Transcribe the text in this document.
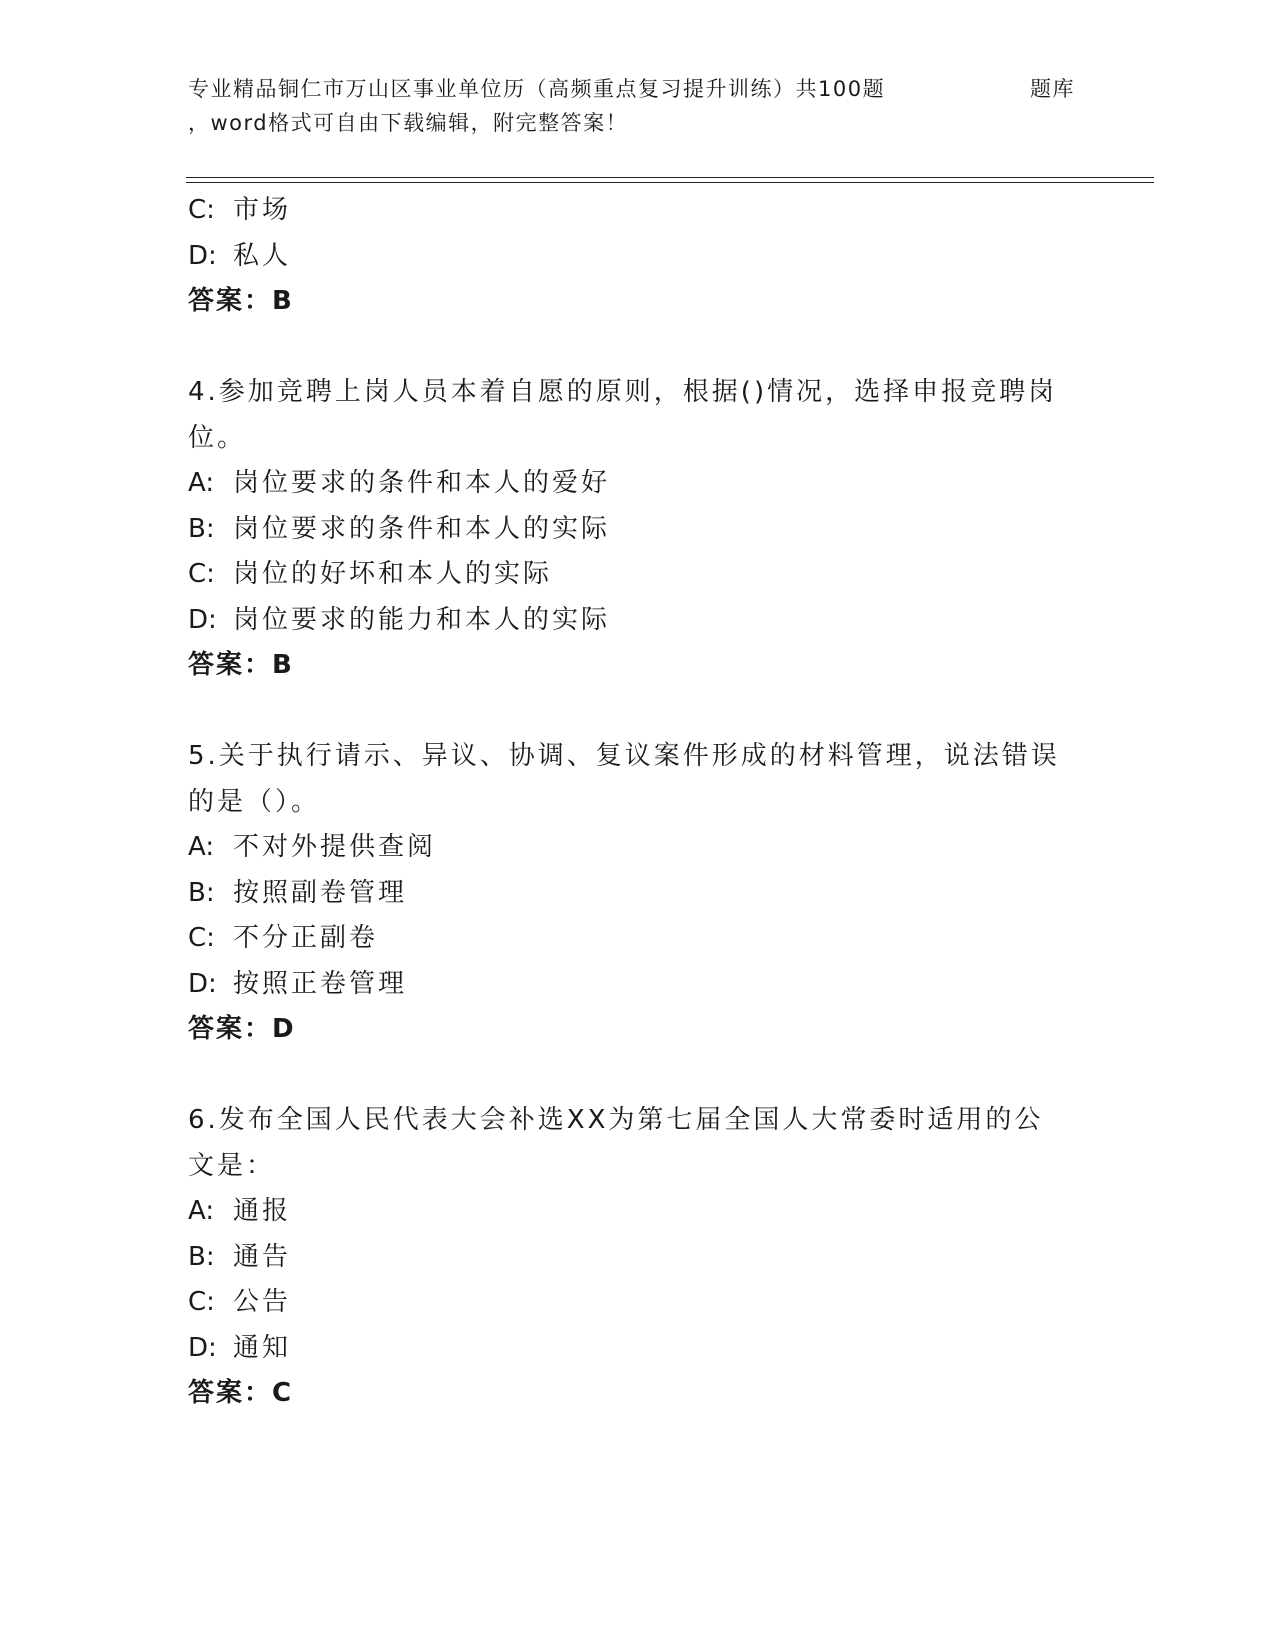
专业精品铜仁市万山区事业单位历（高频重点复习提升训练）共100题	题库
，word格式可自由下载编辑，附完整答案！
C: 市场
D: 私人
答案：B
4.参加竞聘上岗人员本着自愿的原则，根据()情况，选择申报竞聘岗位。
A: 岗位要求的条件和本人的爱好
B: 岗位要求的条件和本人的实际
C: 岗位的好坏和本人的实际
D: 岗位要求的能力和本人的实际
答案：B
5.关于执行请示、异议、协调、复议案件形成的材料管理，说法错误的是（）。
A: 不对外提供查阅
B: 按照副卷管理
C: 不分正副卷
D: 按照正卷管理
答案：D
6.发布全国人民代表大会补选XX为第七届全国人大常委时适用的公文是：
A: 通报
B: 通告
C: 公告
D: 通知
答案：C
